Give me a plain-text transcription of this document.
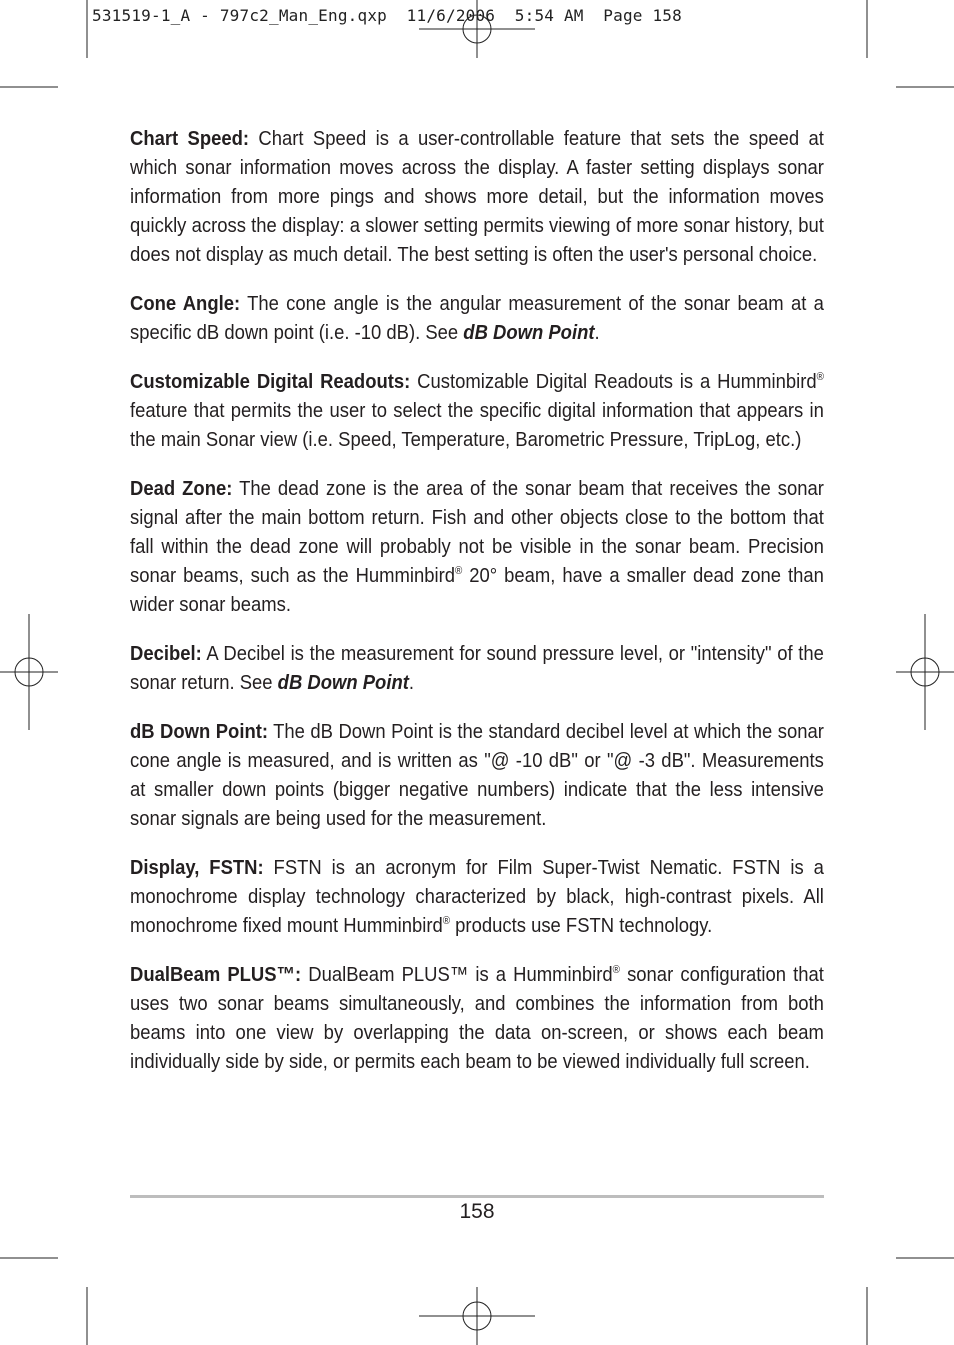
531519-1_A - 797c2_Man_Eng.qxp  11/6/2006  5:54 AM  Page 158

Chart Speed: Chart Speed is a user-controllable feature that sets the speed at which sonar information moves across the display. A faster setting displays sonar information from more pings and shows more detail, but the information moves quickly across the display: a slower setting permits viewing of more sonar history, but does not display as much detail. The best setting is often the user's personal choice.

Cone Angle: The cone angle is the angular measurement of the sonar beam at a specific dB down point (i.e. -10 dB). See dB Down Point.

Customizable Digital Readouts: Customizable Digital Readouts is a Humminbird® feature that permits the user to select the specific digital information that appears in the main Sonar view (i.e. Speed, Temperature, Barometric Pressure, TripLog, etc.)

Dead Zone: The dead zone is the area of the sonar beam that receives the sonar signal after the main bottom return. Fish and other objects close to the bottom that fall within the dead zone will probably not be visible in the sonar beam. Precision sonar beams, such as the Humminbird® 20° beam, have a smaller dead zone than wider sonar beams.

Decibel: A Decibel is the measurement for sound pressure level, or "intensity" of the sonar return. See dB Down Point.

dB Down Point: The dB Down Point is the standard decibel level at which the sonar cone angle is measured, and is written as "@ -10 dB" or "@ -3 dB". Measurements at smaller down points (bigger negative numbers) indicate that the less intensive sonar signals are being used for the measurement.

Display, FSTN: FSTN is an acronym for Film Super-Twist Nematic. FSTN is a monochrome display technology characterized by black, high-contrast pixels. All monochrome fixed mount Humminbird® products use FSTN technology.

DualBeam PLUS™: DualBeam PLUS™ is a Humminbird® sonar configuration that uses two sonar beams simultaneously, and combines the information from both beams into one view by overlapping the data on-screen, or shows each beam individually side by side, or permits each beam to be viewed individually full screen.

158
